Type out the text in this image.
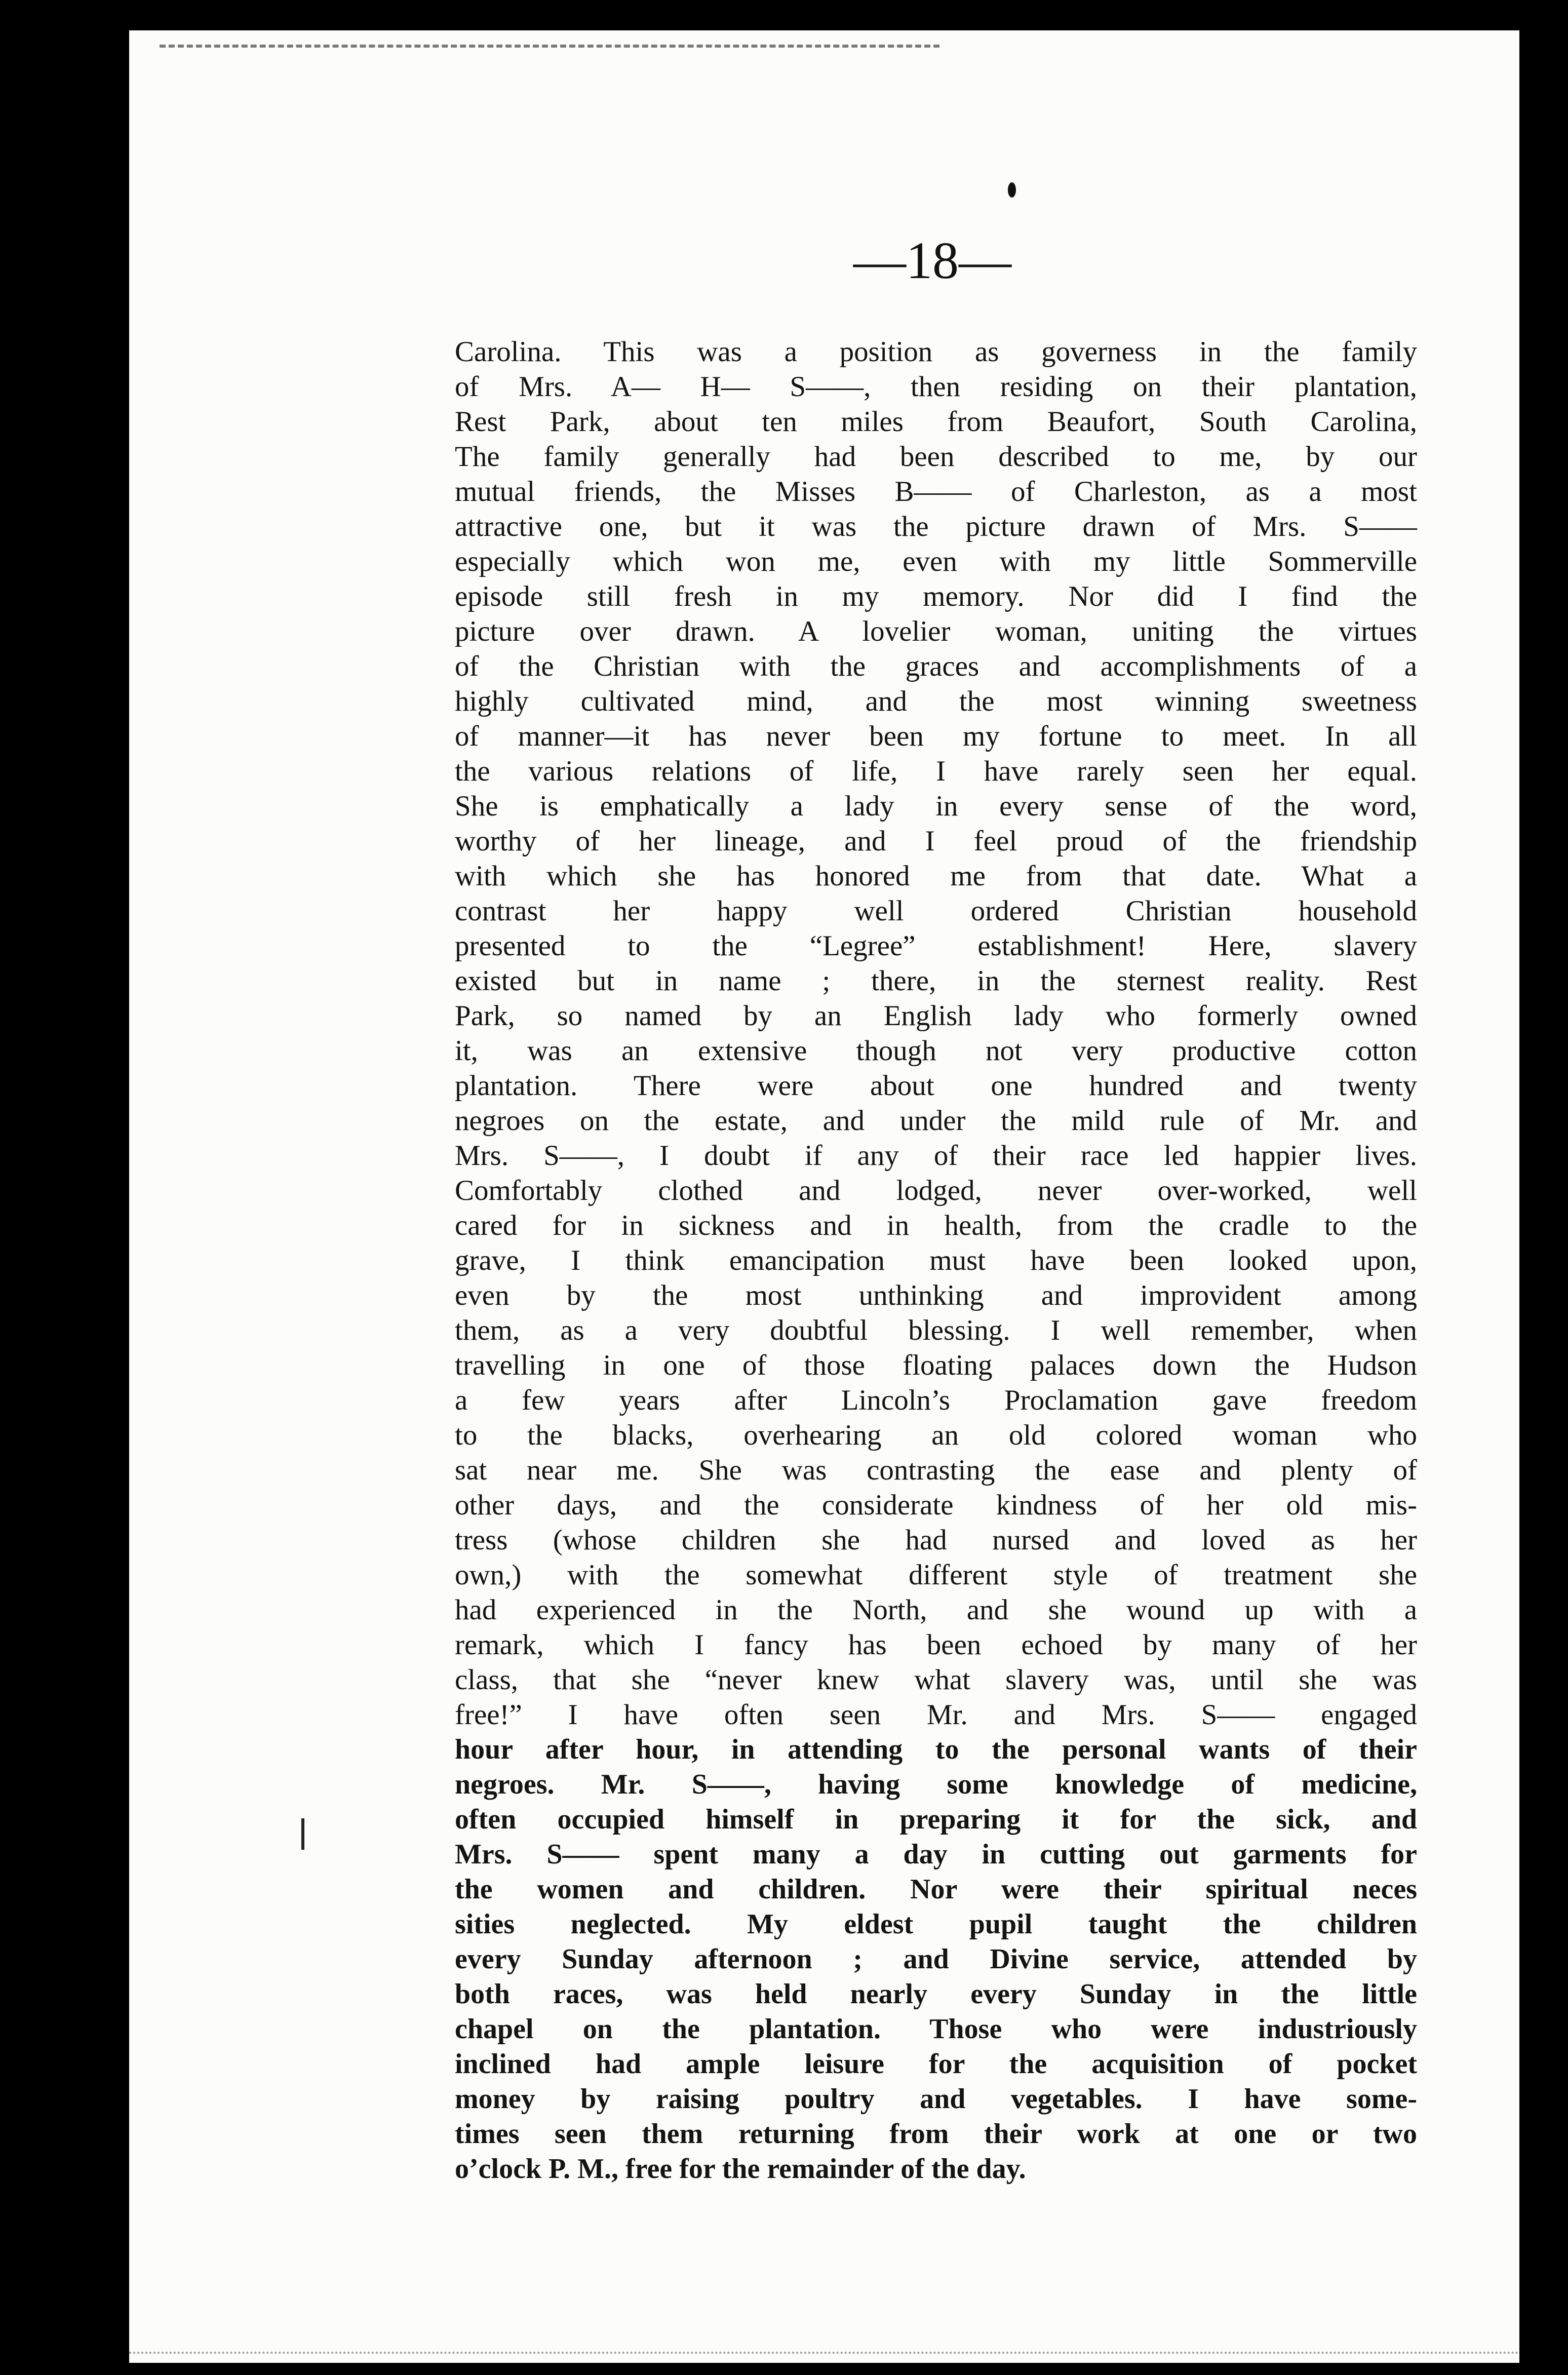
—18—
Carolina. This was a position as governess in the family
of Mrs. A— H— S——, then residing on their plantation,
Rest Park, about ten miles from Beaufort, South Carolina,
The family generally had been described to me, by our
mutual friends, the Misses B—— of Charleston, as a most
attractive one, but it was the picture drawn of Mrs. S——
especially which won me, even with my little Sommerville
episode still fresh in my memory. Nor did I find the
picture over drawn. A lovelier woman, uniting the virtues
of the Christian with the graces and accomplishments of a
highly cultivated mind, and the most winning sweetness
of manner—it has never been my fortune to meet. In all
the various relations of life, I have rarely seen her equal.
She is emphatically a lady in every sense of the word,
worthy of her lineage, and I feel proud of the friendship
with which she has honored me from that date. What a
contrast her happy well ordered Christian household
presented to the “Legree” establishment! Here, slavery
existed but in name ; there, in the sternest reality. Rest
Park, so named by an English lady who formerly owned
it, was an extensive though not very productive cotton
plantation. There were about one hundred and twenty
negroes on the estate, and under the mild rule of Mr. and
Mrs. S——, I doubt if any of their race led happier lives.
Comfortably clothed and lodged, never over-worked, well
cared for in sickness and in health, from the cradle to the
grave, I think emancipation must have been looked upon,
even by the most unthinking and improvident among
them, as a very doubtful blessing. I well remember, when
travelling in one of those floating palaces down the Hudson
a few years after Lincoln’s Proclamation gave freedom
to the blacks, overhearing an old colored woman who
sat near me. She was contrasting the ease and plenty of
other days, and the considerate kindness of her old mis-
tress (whose children she had nursed and loved as her
own,) with the somewhat different style of treatment she
had experienced in the North, and she wound up with a
remark, which I fancy has been echoed by many of her
class, that she “never knew what slavery was, until she was
free!” I have often seen Mr. and Mrs. S—— engaged
hour after hour, in attending to the personal wants of their
negroes. Mr. S——, having some knowledge of medicine,
often occupied himself in preparing it for the sick, and
Mrs. S—— spent many a day in cutting out garments for
the women and children. Nor were their spiritual neces
sities neglected. My eldest pupil taught the children
every Sunday afternoon ; and Divine service, attended by
both races, was held nearly every Sunday in the little
chapel on the plantation. Those who were industriously
inclined had ample leisure for the acquisition of pocket
money by raising poultry and vegetables. I have some-
times seen them returning from their work at one or two
o’clock P. M., free for the remainder of the day.
